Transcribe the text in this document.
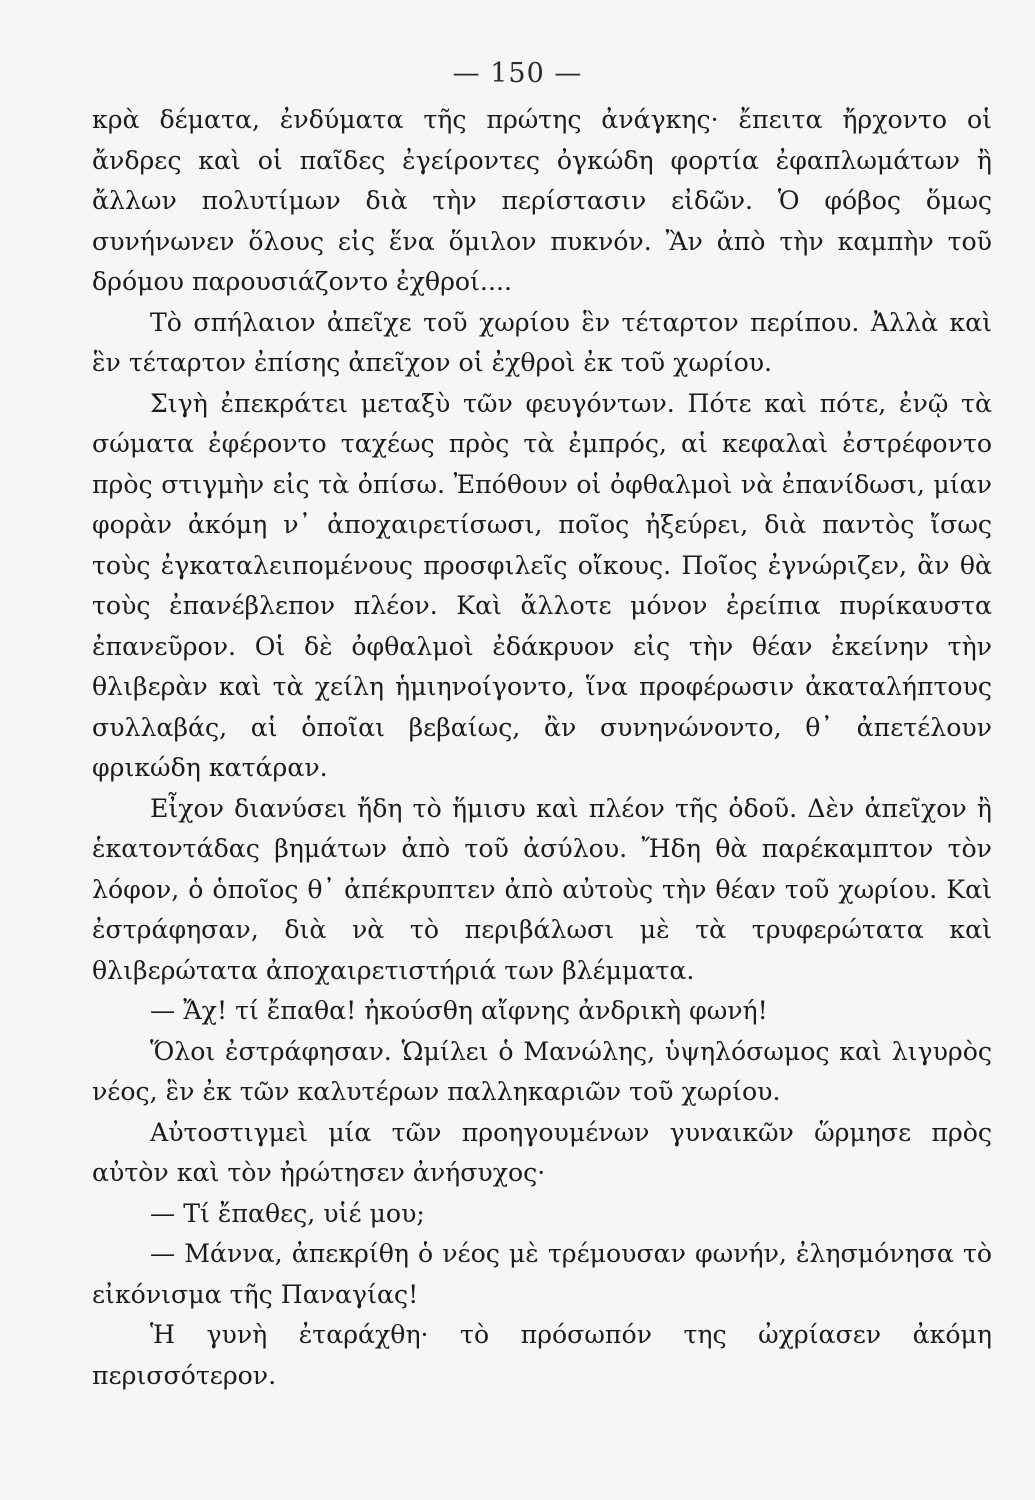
— 150 —

κρὰ δέματα, ἐνδύματα τῆς πρώτης ἀνάγκης· ἔπειτα ἤρχοντο οἱ ἄνδρες καὶ οἱ παῖδες ἐγείροντες ὀγκώδη φορτία ἐφαπλωμάτων ἢ ἄλλων πολυτίμων διὰ τὴν περίστασιν εἰδῶν. Ὁ φόβος ὅμως συνήνωνεν ὅλους εἰς ἕνα ὅμιλον πυκνόν. Ἂν ἀπὸ τὴν καμπὴν τοῦ δρόμου παρουσιάζοντο ἐχθροί....

Τὸ σπήλαιον ἀπεῖχε τοῦ χωρίου ἓν τέταρτον περίπου. Ἀλλὰ καὶ ἓν τέταρτον ἐπίσης ἀπεῖχον οἱ ἐχθροὶ ἐκ τοῦ χωρίου.

Σιγὴ ἐπεκράτει μεταξὺ τῶν φευγόντων. Πότε καὶ πότε, ἐνῷ τὰ σώματα ἐφέροντο ταχέως πρὸς τὰ ἐμπρός, αἱ κεφαλαὶ ἐστρέφοντο πρὸς στιγμὴν εἰς τὰ ὀπίσω. Ἐπόθουν οἱ ὀφθαλμοὶ νὰ ἐπανίδωσι, μίαν φορὰν ἀκόμη ν᾿ ἀποχαιρετίσωσι, ποῖος ἠξεύρει, διὰ παντὸς ἴσως τοὺς ἐγκαταλειπομένους προσφιλεῖς οἴκους. Ποῖος ἐγνώριζεν, ἂν θὰ τοὺς ἐπανέβλεπον πλέον. Καὶ ἄλλοτε μόνον ἐρείπια πυρίκαυστα ἐπανεῦρον. Οἱ δὲ ὀφθαλμοὶ ἐδάκρυον εἰς τὴν θέαν ἐκείνην τὴν θλιβερὰν καὶ τὰ χείλη ἡμιηνοίγοντο, ἵνα προφέρωσιν ἀκαταλήπτους συλλαβάς, αἱ ὁποῖαι βεβαίως, ἂν συνηνώνοντο, θ᾿ ἀπετέλουν φρικώδη κατάραν.

Εἶχον διανύσει ἤδη τὸ ἥμισυ καὶ πλέον τῆς ὁδοῦ. Δὲν ἀπεῖχον ἢ ἑκατοντάδας βημάτων ἀπὸ τοῦ ἀσύλου. Ἤδη θὰ παρέκαμπτον τὸν λόφον, ὁ ὁποῖος θ᾿ ἀπέκρυπτεν ἀπὸ αὐτοὺς τὴν θέαν τοῦ χωρίου. Καὶ ἐστράφησαν, διὰ νὰ τὸ περιβάλωσι μὲ τὰ τρυφερώτατα καὶ θλιβερώτατα ἀποχαιρετιστήριά των βλέμματα.

— Ἄχ! τί ἔπαθα! ἠκούσθη αἴφνης ἀνδρικὴ φωνή!

Ὅλοι ἐστράφησαν. Ὡμίλει ὁ Μανώλης, ὑψηλόσωμος καὶ λιγυρὸς νέος, ἓν ἐκ τῶν καλυτέρων παλληκαριῶν τοῦ χωρίου.

Αὐτοστιγμεὶ μία τῶν προηγουμένων γυναικῶν ὥρμησε πρὸς αὐτὸν καὶ τὸν ἠρώτησεν ἀνήσυχος·

— Τί ἔπαθες, υἱέ μου;

— Μάννα, ἀπεκρίθη ὁ νέος μὲ τρέμουσαν φωνήν, ἐλησμόνησα τὸ εἰκόνισμα τῆς Παναγίας!

Ἡ γυνὴ ἐταράχθη· τὸ πρόσωπόν της ὠχρίασεν ἀκόμη περισσότερον.
